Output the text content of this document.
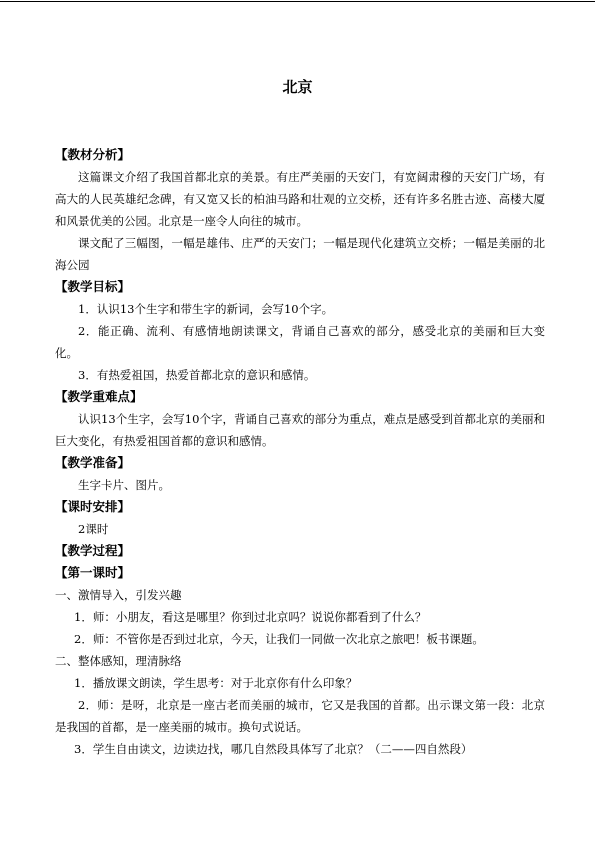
北京
【教材分析】
这篇课文介绍了我国首都北京的美景。有庄严美丽的天安门，有宽阔肃穆的天安门广场，有高大的人民英雄纪念碑，有又宽又长的柏油马路和壮观的立交桥，还有许多名胜古迹、高楼大厦和风景优美的公园。北京是一座令人向往的城市。
课文配了三幅图，一幅是雄伟、庄严的天安门；一幅是现代化建筑立交桥；一幅是美丽的北海公园
【教学目标】
1．认识13个生字和带生字的新词，会写10个字。
2．能正确、流利、有感情地朗读课文，背诵自己喜欢的部分，感受北京的美丽和巨大变化。
3．有热爱祖国，热爱首都北京的意识和感情。
【教学重难点】
认识13个生字，会写10个字，背诵自己喜欢的部分为重点，难点是感受到首都北京的美丽和巨大变化，有热爱祖国首都的意识和感情。
【教学准备】
生字卡片、图片。
【课时安排】
2课时
【教学过程】
【第一课时】
一、激情导入，引发兴趣
1．师：小朋友，看这是哪里？你到过北京吗？说说你都看到了什么？
2．师：不管你是否到过北京，今天，让我们一同做一次北京之旅吧！板书课题。
二、整体感知，理清脉络
1．播放课文朗读，学生思考：对于北京你有什么印象？
2．师：是呀，北京是一座古老而美丽的城市，它又是我国的首都。出示课文第一段：北京是我国的首都，是一座美丽的城市。换句式说话。
3．学生自由读文，边读边找，哪几自然段具体写了北京？（二——四自然段）
